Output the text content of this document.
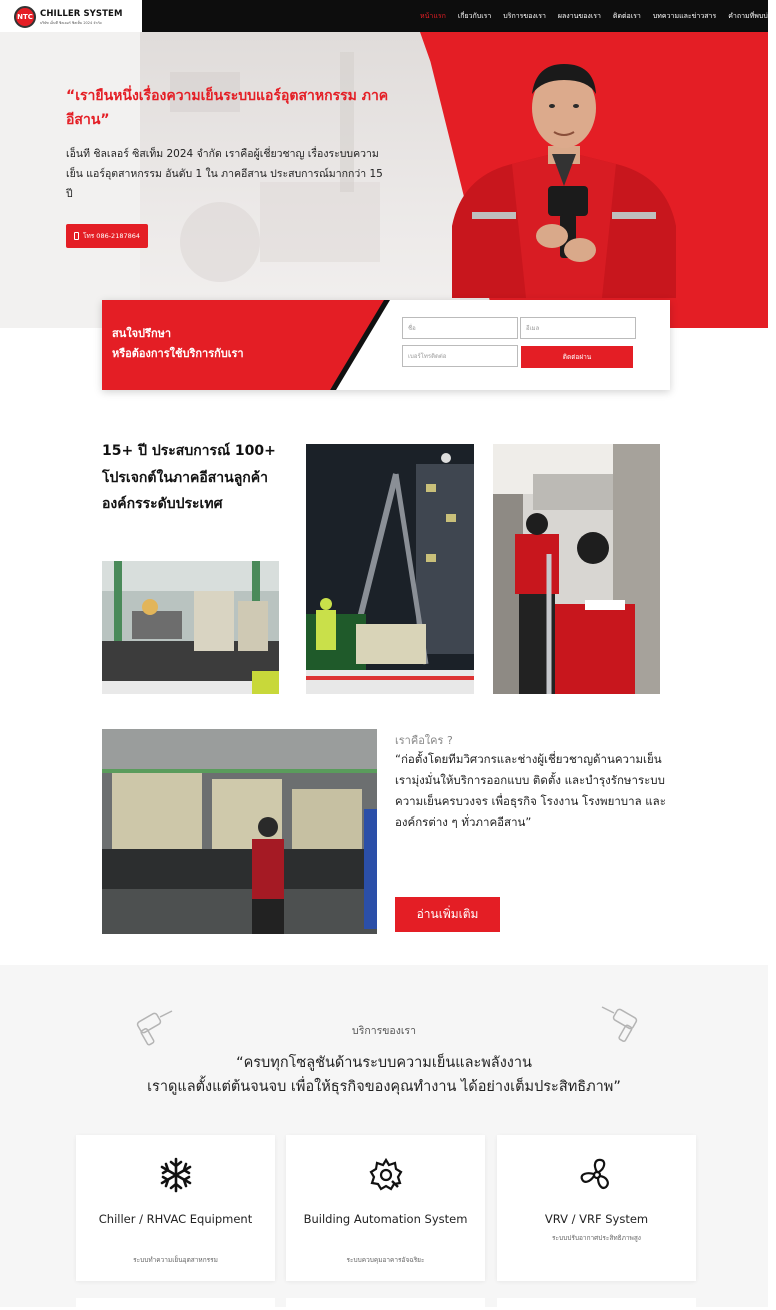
หน้าแรก เกี่ยวกับเรา บริการของเรา ผลงานของเรา ติดต่อเรา บทความและข่าวสาร คำถามที่พบบ่อย
NTC CHILLER SYSTEM
บริษัท เอ็นที ชิลเลอร์ ซิสเท็ม 2024 จำกัด
“เรายืนหนึ่งเรื่องความเย็นระบบแอร์อุตสาหกรรม ภาคอีสาน”
เอ็นที ชิลเลอร์ ซิสเท็ม 2024 จำกัด เราคือผู้เชี่ยวชาญ เรื่องระบบความเย็น แอร์อุตสาหกรรม อันดับ 1 ใน ภาคอีสาน ประสบการณ์มากกว่า 15 ปี
โทร 086-2187864
สนใจปรึกษา
หรือต้องการใช้บริการกับเรา
ชื่อ	อีเมล
เบอร์โทรติดต่อ	ติดต่อผ่าน
15+ ปี ประสบการณ์ 100+ โปรเจกต์ในภาคอีสานลูกค้าองค์กรระดับประเทศ
เราคือใคร ?
“ก่อตั้งโดยทีมวิศวกรและช่างผู้เชี่ยวชาญด้านความเย็น เรามุ่งมั่นให้บริการออกแบบ ติดตั้ง และบำรุงรักษาระบบความเย็นครบวงจร เพื่อธุรกิจ โรงงาน โรงพยาบาล และองค์กรต่าง ๆ ทั่วภาคอีสาน”
อ่านเพิ่มเติม
บริการของเรา
“ครบทุกโซลูชันด้านระบบความเย็นและพลังงาน
เราดูแลตั้งแต่ต้นจนจบ เพื่อให้ธุรกิจของคุณทำงาน ได้อย่างเต็มประสิทธิภาพ”
Chiller / RHVAC Equipment
ระบบทำความเย็นอุตสาหกรรม
Building Automation System
ระบบควบคุมอาคารอัจฉริยะ
VRV / VRF System
ระบบปรับอากาศประสิทธิภาพสูง
